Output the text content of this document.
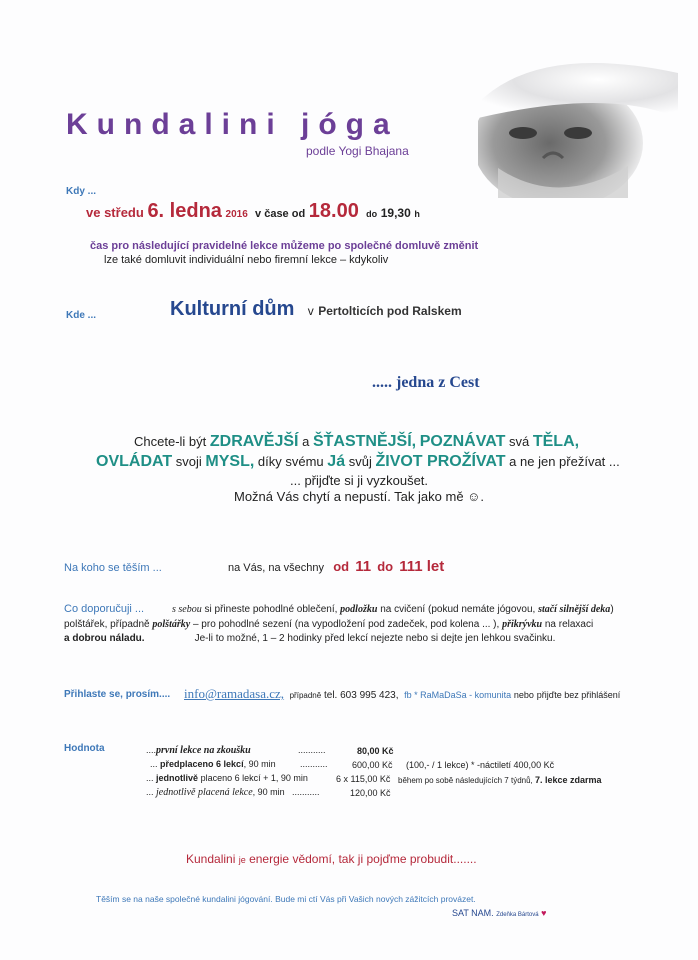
Kundalini jóga
podle Yogi Bhajana
Kdy ...
ve středu 6. ledna 2016 v čase od 18.00 do 19,30 h
čas pro následující pravidelné lekce můžeme po společné domluvě změnit
lze také domluvit individuální nebo firemní lekce – kdykoliv
Kde ...	Kulturní dům v Pertolticích pod Ralskem
..... jedna z Cest
Chcete-li být ZDRAVĚJŠÍ a ŠŤASTNĚJŠÍ, POZNÁVAT svá TĚLA,
OVLÁDAT svoji MYSL, díky svému Já svůj ŽIVOT PROŽÍVAT a ne jen přežívat ...
... přijďte si ji vyzkoušet.
Možná Vás chytí a nepustí. Tak jako mě ☺.
Na koho se těším ...	na Vás, na všechny od 11 do 111 let
Co doporučuji ...	s sebou si přineste pohodlné oblečení, podložku na cvičení (pokud nemáte jógovou, stačí silnější deka)
polštářek, případně polštářky – pro pohodlné sezení (na vypodložení pod zadeček, pod kolena ... ), přikrývku na relaxaci
a dobrou náladu.	Je-li to možné, 1 – 2 hodinky před lekcí nejezte nebo si dejte jen lehkou svačinku.
Přihlaste se, prosím.... info@ramadasa.cz, případně tel. 603 995 423, fb * RaMaDaSa - komunita nebo přijďte bez přihlášení
Hodnota	....první lekce na zkoušku	...........	80,00 Kč
... předplaceno 6 lekcí, 90 min	...........	600,00 Kč (100,- / 1 lekce) * -náctiletí 400,00 Kč
... jednotlivě placeno 6 lekcí + 1, 90 min	6 x 115,00 Kč během po sobě následujících 7 týdnů, 7. lekce zdarma
... jednotlivě placená lekce, 90 min ...........	120,00 Kč
Kundalini je energie vědomí, tak ji pojďme probudit.......
Těším se na naše společné kundalini jógování. Bude mi ctí Vás při Vašich nových zážitcích provázet.
SAT NAM. Zdeňka Bártová ♥
